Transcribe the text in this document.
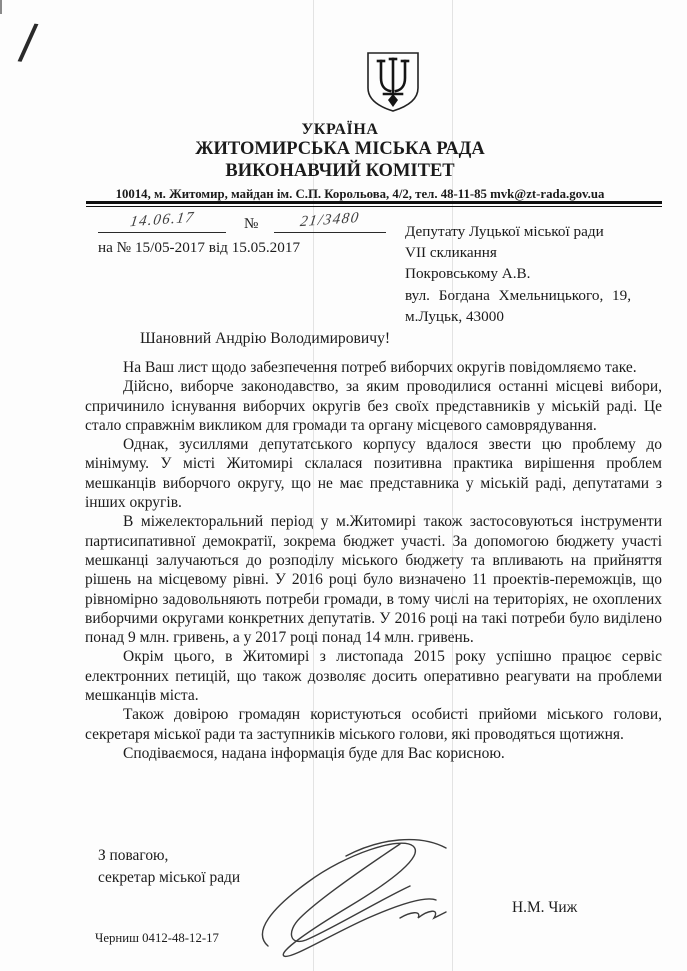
/
УКРАЇНА
ЖИТОМИРСЬКА МІСЬКА РАДА
ВИКОНАВЧИЙ КОМІТЕТ
10014, м. Житомир, майдан ім. С.П. Корольова, 4/2, тел. 48-11-85 mvk@zt-rada.gov.ua
14.06.17	№	21/3480
на № 15/05-2017 від 15.05.2017
Депутату Луцької міської ради
VII скликання
Покровському А.В.
вул. Богдана Хмельницького, 19,
м.Луцьк, 43000
Шановний Андрію Володимировичу!

На Ваш лист щодо забезпечення потреб виборчих округів повідомляємо таке.

Дійсно, виборче законодавство, за яким проводилися останні місцеві вибори, спричинило існування виборчих округів без своїх представників у міській раді. Це стало справжнім викликом для громади та органу місцевого самоврядування.

Однак, зусиллями депутатського корпусу вдалося звести цю проблему до мінімуму. У місті Житомирі склалася позитивна практика вирішення проблем мешканців виборчого округу, що не має представника у міській раді, депутатами з інших округів.

В міжелекторальний період у м.Житомирі також застосовуються інструменти партисипативної демократії, зокрема бюджет участі. За допомогою бюджету участі мешканці залучаються до розподілу міського бюджету та впливають на прийняття рішень на місцевому рівні. У 2016 році було визначено 11 проектів-переможців, що рівномірно задовольняють потреби громади, в тому числі на територіях, не охоплених виборчими округами конкретних депутатів. У 2016 році на такі потреби було виділено понад 9 млн. гривень, а у 2017 році понад 14 млн. гривень.

Окрім цього, в Житомирі з листопада 2015 року успішно працює сервіс електронних петицій, що також дозволяє досить оперативно реагувати на проблеми мешканців міста.

Також довірою громадян користуються особисті прийоми міського голови, секретаря міської ради та заступників міського голови, які проводяться щотижня.

Сподіваємося, надана інформація буде для Вас корисною.

З повагою,
секретар міської ради
Н.М. Чиж
Черниш 0412-48-12-17
